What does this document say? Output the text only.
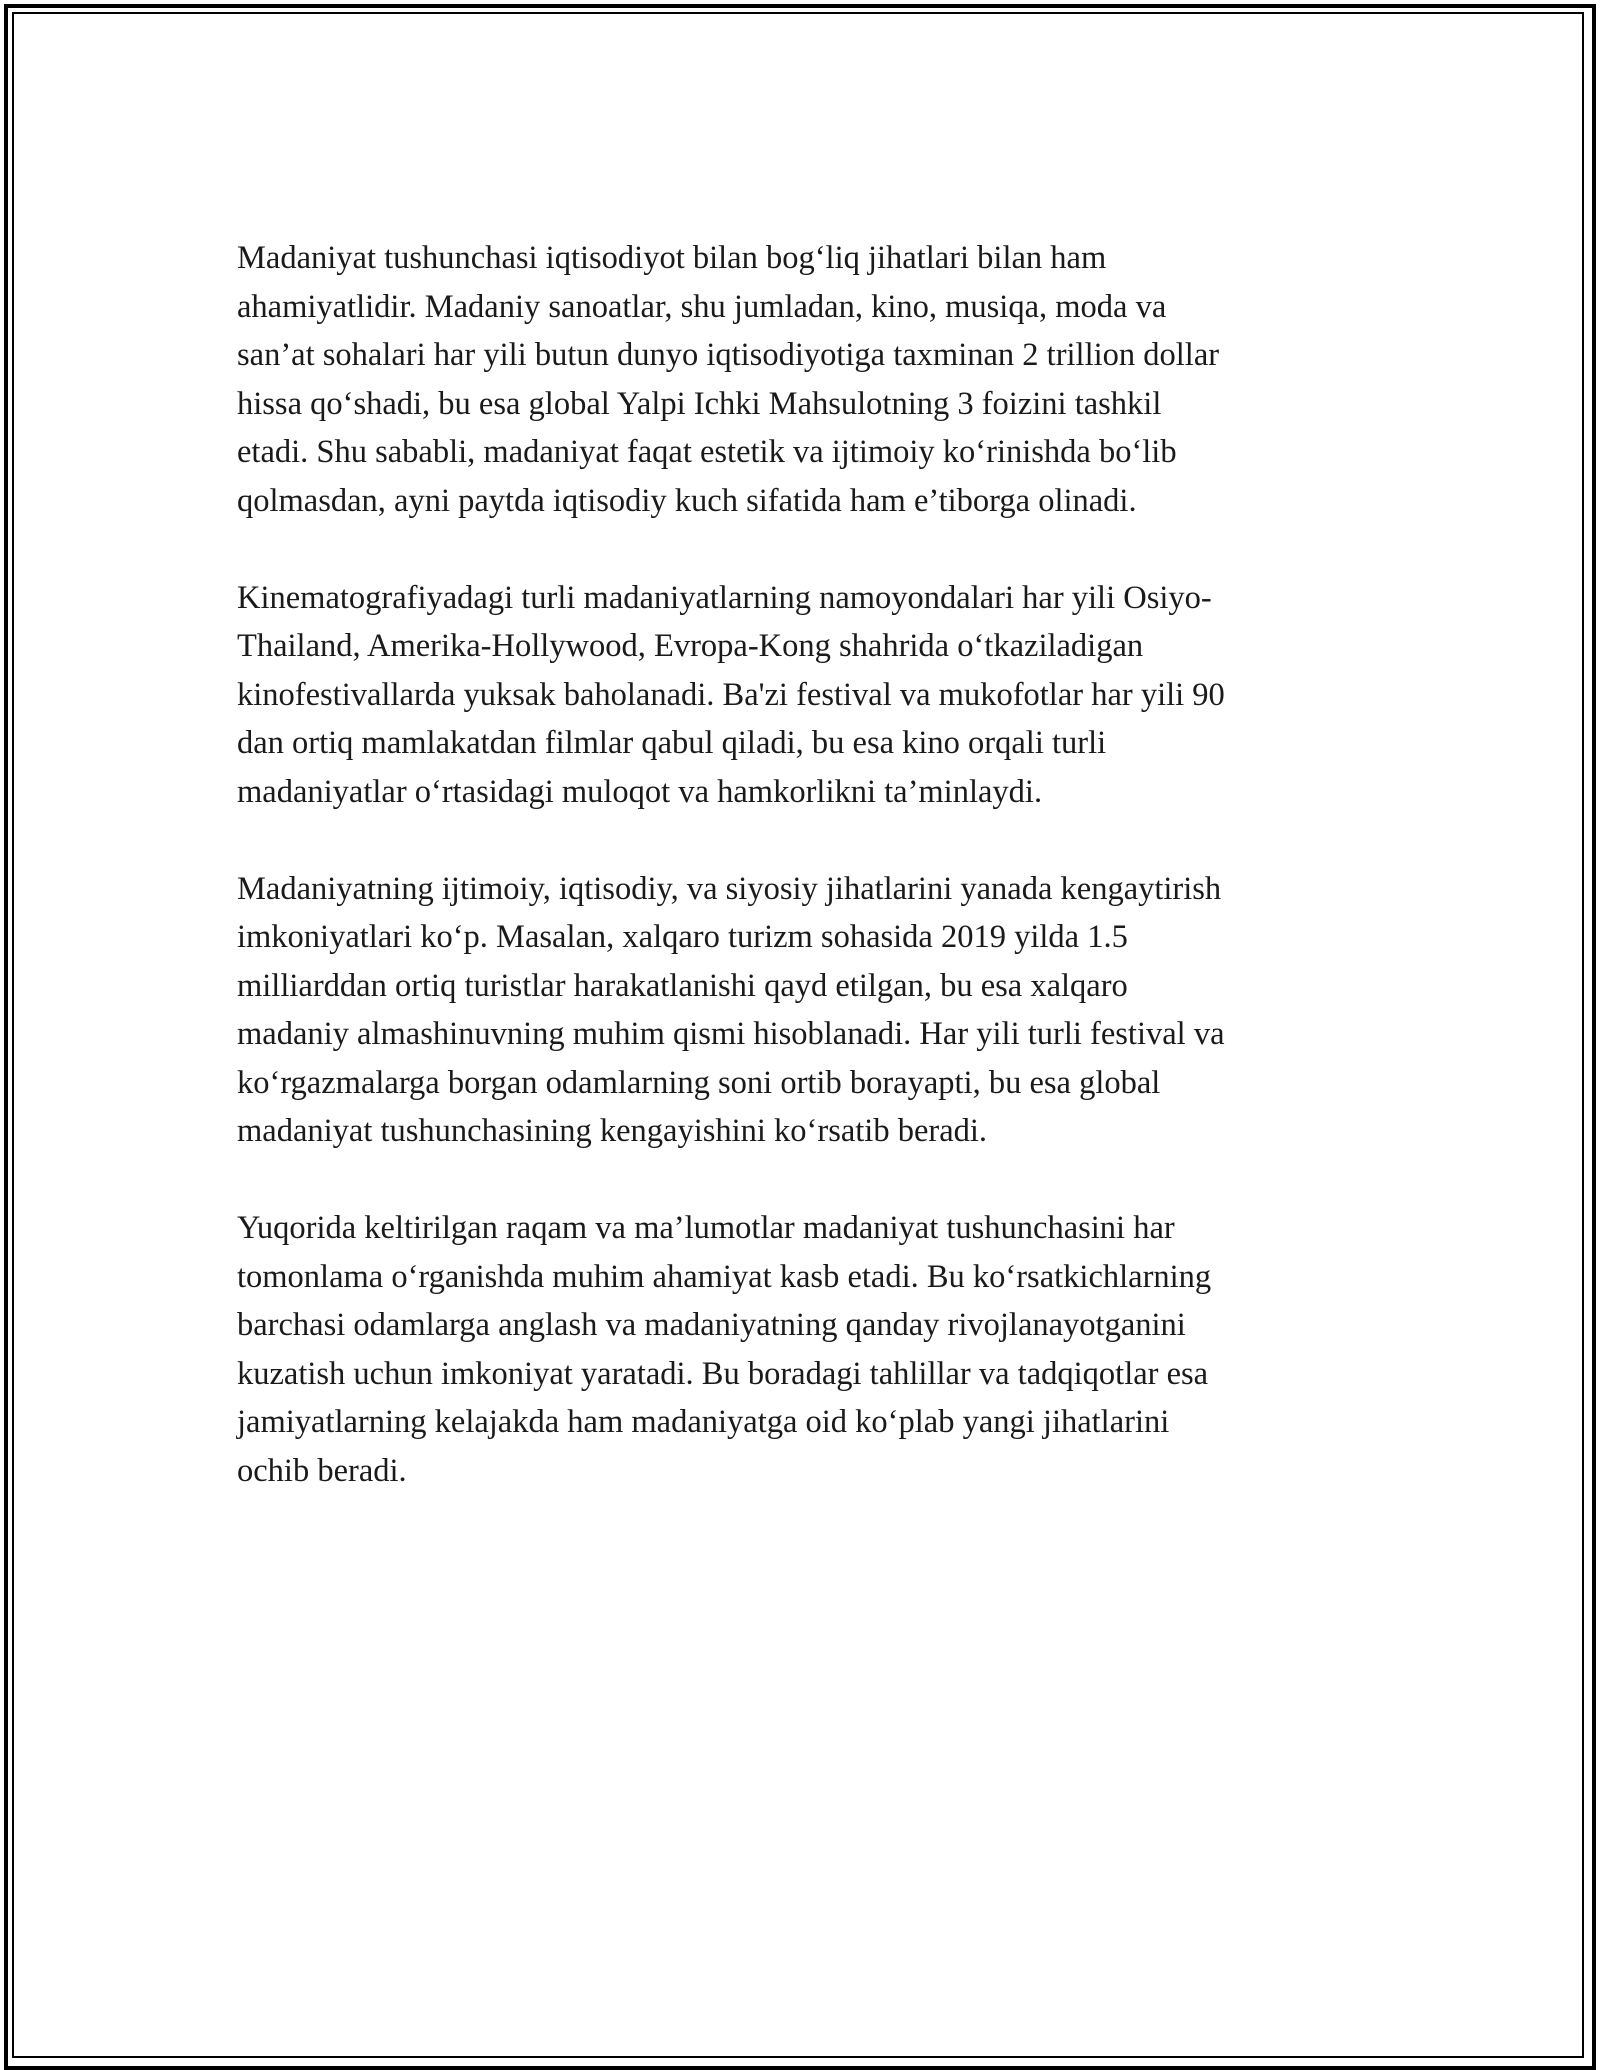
Madaniyat tushunchasi iqtisodiyot bilan bog‘liq jihatlari bilan ham
ahamiyatlidir. Madaniy sanoatlar, shu jumladan, kino, musiqa, moda va
san’at sohalari har yili butun dunyo iqtisodiyotiga taxminan 2 trillion dollar
hissa qo‘shadi, bu esa global Yalpi Ichki Mahsulotning 3 foizini tashkil
etadi. Shu sababli, madaniyat faqat estetik va ijtimoiy ko‘rinishda bo‘lib
qolmasdan, ayni paytda iqtisodiy kuch sifatida ham e’tiborga olinadi.

Kinematografiyadagi turli madaniyatlarning namoyondalari har yili Osiyo-
Thailand, Amerika-Hollywood, Evropa-Kong shahrida o‘tkaziladigan
kinofestivallarda yuksak baholanadi. Ba'zi festival va mukofotlar har yili 90
dan ortiq mamlakatdan filmlar qabul qiladi, bu esa kino orqali turli
madaniyatlar o‘rtasidagi muloqot va hamkorlikni ta’minlaydi.

Madaniyatning ijtimoiy, iqtisodiy, va siyosiy jihatlarini yanada kengaytirish
imkoniyatlari ko‘p. Masalan, xalqaro turizm sohasida 2019 yilda 1.5
milliarddan ortiq turistlar harakatlanishi qayd etilgan, bu esa xalqaro
madaniy almashinuvning muhim qismi hisoblanadi. Har yili turli festival va
ko‘rgazmalarga borgan odamlarning soni ortib borayapti, bu esa global
madaniyat tushunchasining kengayishini ko‘rsatib beradi.

Yuqorida keltirilgan raqam va ma’lumotlar madaniyat tushunchasini har
tomonlama o‘rganishda muhim ahamiyat kasb etadi. Bu ko‘rsatkichlarning
barchasi odamlarga anglash va madaniyatning qanday rivojlanayotganini
kuzatish uchun imkoniyat yaratadi. Bu boradagi tahlillar va tadqiqotlar esa
jamiyatlarning kelajakda ham madaniyatga oid ko‘plab yangi jihatlarini
ochib beradi.
